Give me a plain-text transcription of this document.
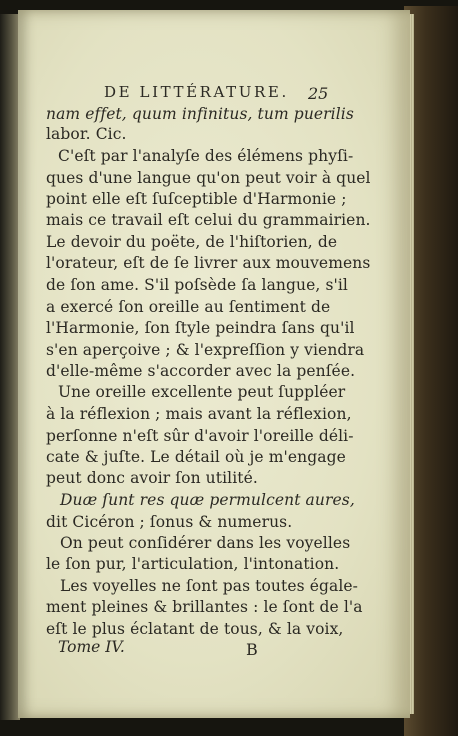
DE LITTÉRATURE. 25

nam effet, quum infinitus, tum puerilis

labor. Cic.

C'eſt par l'analyſe des élémens phyſi-

ques d'une langue qu'on peut voir à quel

point elle eſt ſuſceptible d'Harmonie ;

mais ce travail eſt celui du grammairien.

Le devoir du poëte, de l'hiſtorien, de

l'orateur, eſt de ſe livrer aux mouvemens

de ſon ame. S'il poſsède ſa langue, s'il

a exercé ſon oreille au ſentiment de

l'Harmonie, ſon ſtyle peindra ſans qu'il

s'en aperçoive ; & l'expreſſion y viendra

d'elle-même s'accorder avec la penſée.

Une oreille excellente peut ſuppléer

à la réflexion ; mais avant la réflexion,

perſonne n'eſt sûr d'avoir l'oreille déli-

cate & juſte. Le détail où je m'engage

peut donc avoir ſon utilité.

Duæ ſunt res quæ permulcent aures,

dit Cicéron ; ſonus & numerus.

On peut conſidérer dans les voyelles

le ſon pur, l'articulation, l'intonation.

Les voyelles ne ſont pas toutes égale-

ment pleines & brillantes : le ſont de l'a

eſt le plus éclatant de tous, & la voix,

Tome IV.	B
